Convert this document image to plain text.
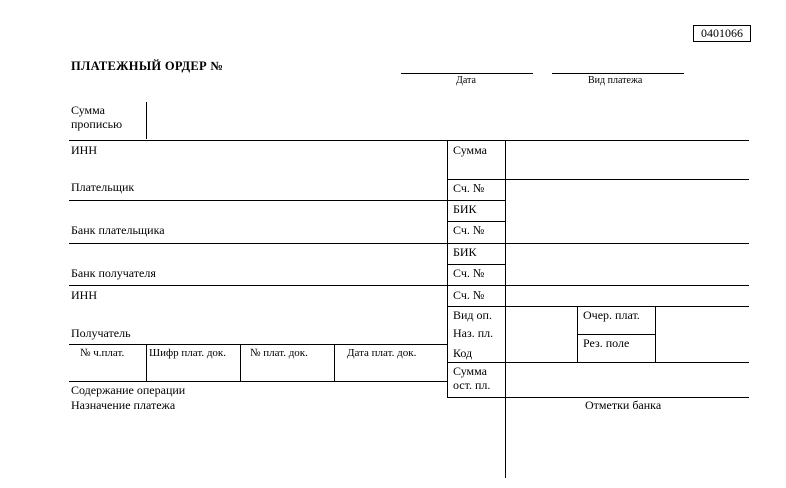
0401066
ПЛАТЕЖНЫЙ ОРДЕР №
Дата	Вид платежа
Сумма прописью
ИНН
Плательщик
Банк плательщика
Банк получателя
ИНН
Получатель
№ ч.плат. Шифр плат. док. № плат. док.	Дата плат. док.
Содержание операции
Назначение платежа
Сумма
Сч. №
БИК
Сч. №
БИК
Сч. №
Сч. №
Вид оп.
Наз. пл.
Код
Сумма ост. пл.
Очер. плат.
Рез. поле
Отметки банка
